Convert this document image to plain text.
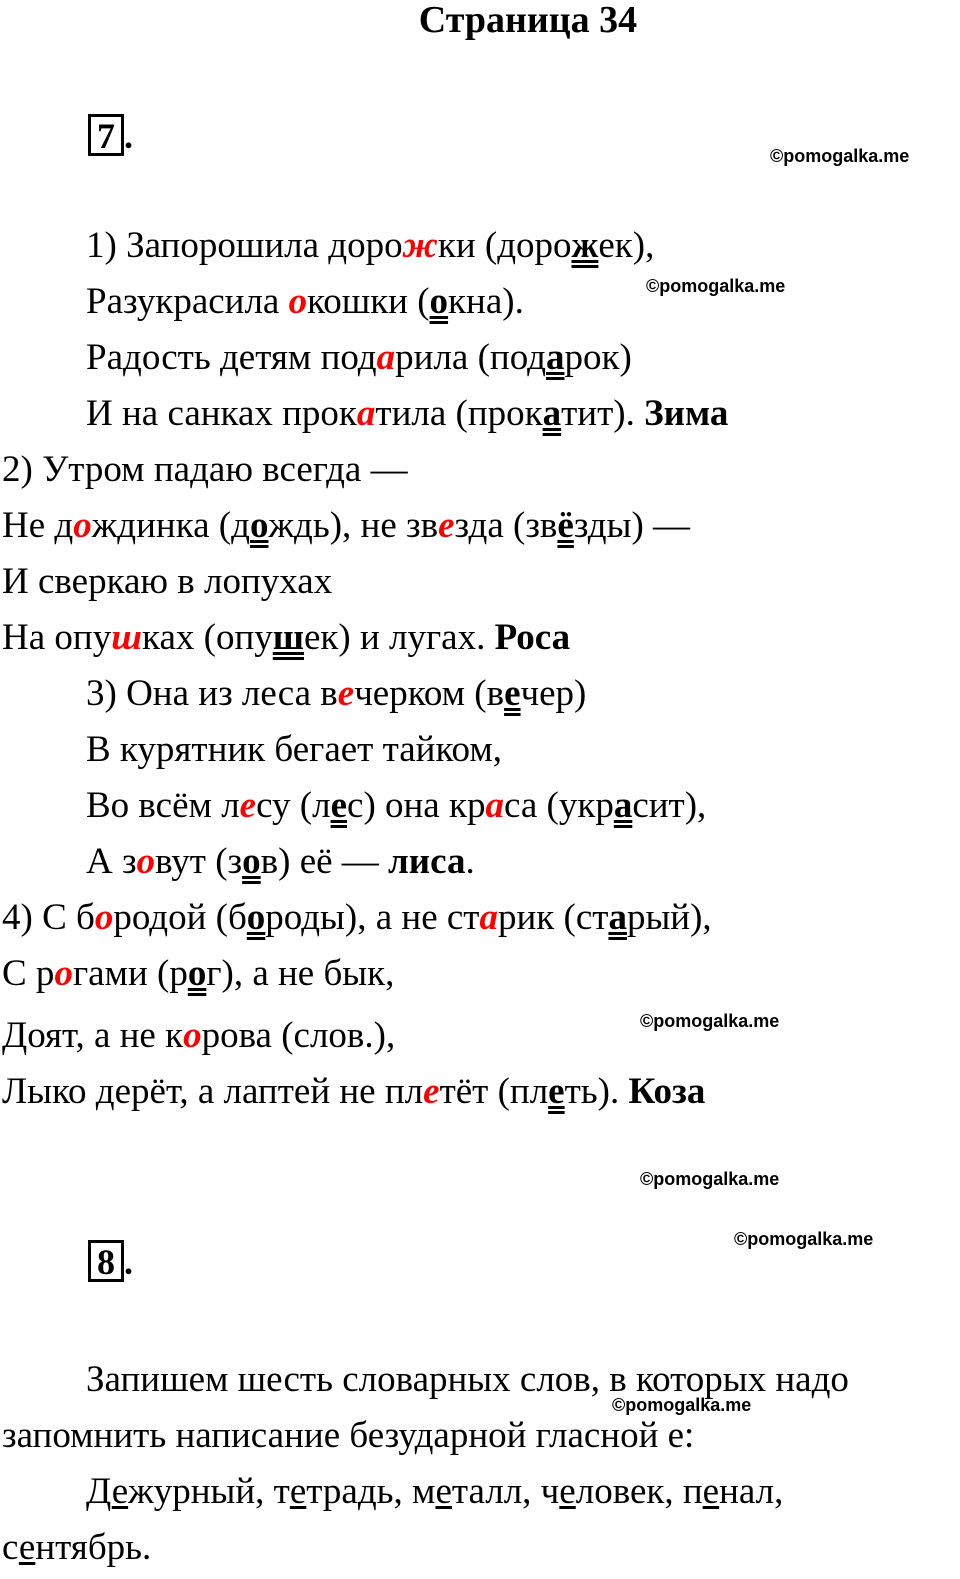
Страница 34
7 .	©pomogalka.me
©pomogalka.me
©pomogalka.me
©pomogalka.me
©pomogalka.me
©pomogalka.me
1) Запорошила дорожки (дорожек),
Разукрасила окошки (окна).
Радость детям подарила (подарок)
И на санках прокатила (прокатит). Зима
2) Утром падаю всегда —
Не дождинка (дождь), не звезда (звёзды) —
И сверкаю в лопухах
На опушках (опушек) и лугах. Роса
3) Она из леса вечерком (вечер)
В курятник бегает тайком,
Во всём лесу (лес) она краса (украсит),
А зовут (зов) её — лиса.
4) С бородой (бороды), а не старик (старый),
С рогами (рог), а не бык,
Доят, а не корова (слов.),
Лыко дерёт, а лаптей не плетёт (плеть). Коза
8 .
Запишем шесть словарных слов, в которых надо
запомнить написание безударной гласной е:
Дежурный, тетрадь, металл, человек, пенал,
сентябрь.
